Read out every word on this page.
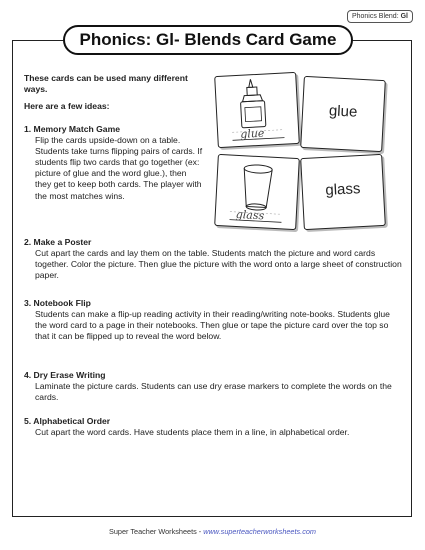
Phonics Blend: Gl
Phonics: Gl- Blends Card Game
These cards can be used many different ways.
Here are a few ideas:
1. Memory Match Game
Flip the cards upside-down on a table. Students take turns flipping pairs of cards. If students flip two cards that go together (ex: picture of glue and the word glue.), then they get to keep both cards. The player with the most matches wins.
2. Make a Poster
Cut apart the cards and lay them on the table. Students match the picture and word cards together. Color the picture. Then glue the picture with the word onto a large sheet of construction paper.
3. Notebook Flip
Students can make a flip-up reading activity in their reading/writing note-books. Students glue the word card to a page in their notebooks. Then glue or tape the picture card over the top so that it can be flipped up to reveal the word below.
4. Dry Erase Writing
Laminate the picture cards. Students can use dry erase markers to complete the words on the cards.
5. Alphabetical Order
Cut apart the word cards. Have students place them in a line, in alphabetical order.
glue
glue
glass
glass
Super Teacher Worksheets - www.superteacherworksheets.com
